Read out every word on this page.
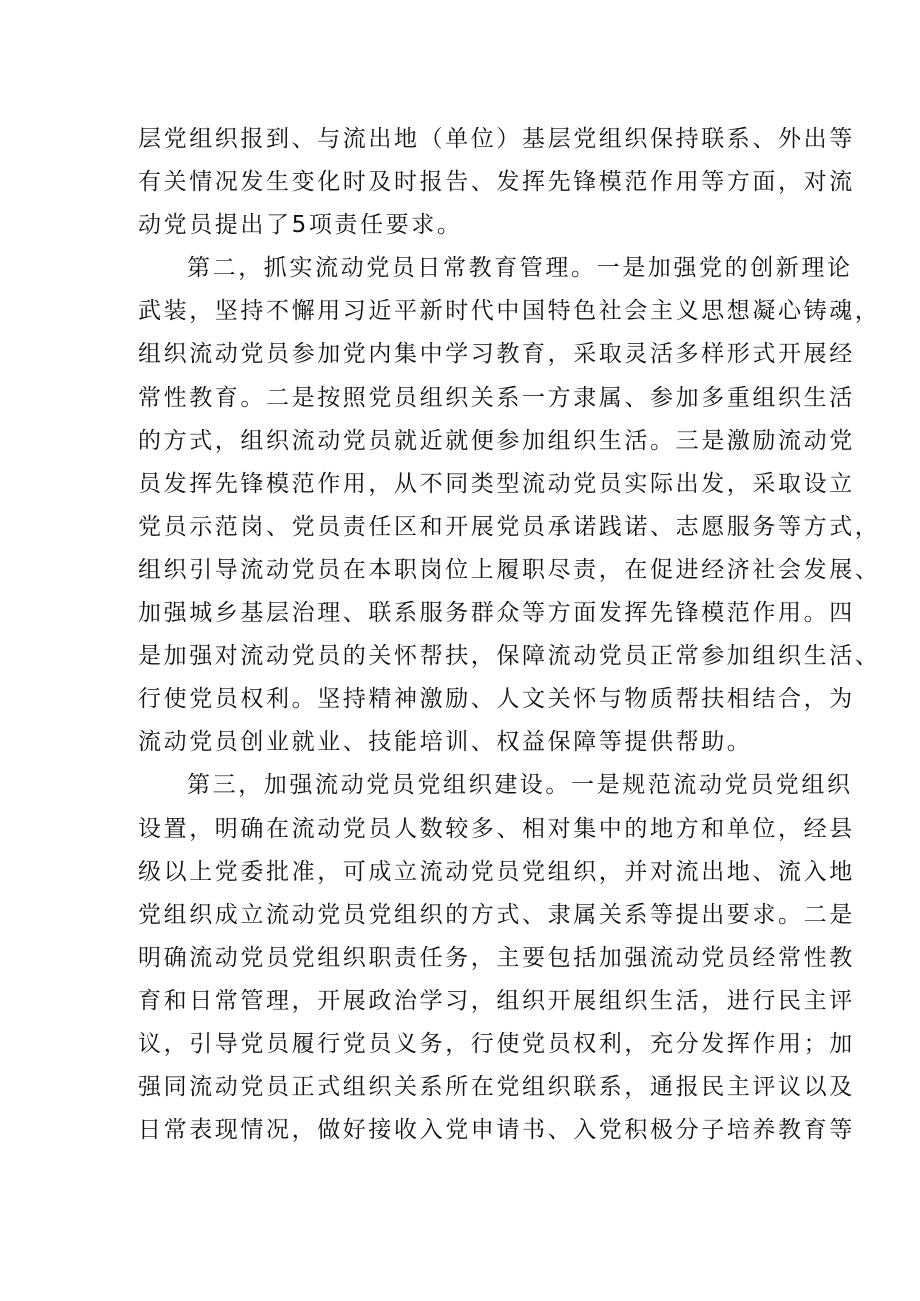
层党组织报到、与流出地（单位）基层党组织保持联系、外出等
有关情况发生变化时及时报告、发挥先锋模范作用等方面，对流
动党员提出了5项责任要求。
第二，抓实流动党员日常教育管理。一是加强党的创新理论
武装，坚持不懈用习近平新时代中国特色社会主义思想凝心铸魂，
组织流动党员参加党内集中学习教育，采取灵活多样形式开展经
常性教育。二是按照党员组织关系一方隶属、参加多重组织生活
的方式，组织流动党员就近就便参加组织生活。三是激励流动党
员发挥先锋模范作用，从不同类型流动党员实际出发，采取设立
党员示范岗、党员责任区和开展党员承诺践诺、志愿服务等方式，
组织引导流动党员在本职岗位上履职尽责，在促进经济社会发展、
加强城乡基层治理、联系服务群众等方面发挥先锋模范作用。四
是加强对流动党员的关怀帮扶，保障流动党员正常参加组织生活、
行使党员权利。坚持精神激励、人文关怀与物质帮扶相结合，为
流动党员创业就业、技能培训、权益保障等提供帮助。
第三，加强流动党员党组织建设。一是规范流动党员党组织
设置，明确在流动党员人数较多、相对集中的地方和单位，经县
级以上党委批准，可成立流动党员党组织，并对流出地、流入地
党组织成立流动党员党组织的方式、隶属关系等提出要求。二是
明确流动党员党组织职责任务，主要包括加强流动党员经常性教
育和日常管理，开展政治学习，组织开展组织生活，进行民主评
议，引导党员履行党员义务，行使党员权利，充分发挥作用；加
强同流动党员正式组织关系所在党组织联系，通报民主评议以及
日常表现情况，做好接收入党申请书、入党积极分子培养教育等
